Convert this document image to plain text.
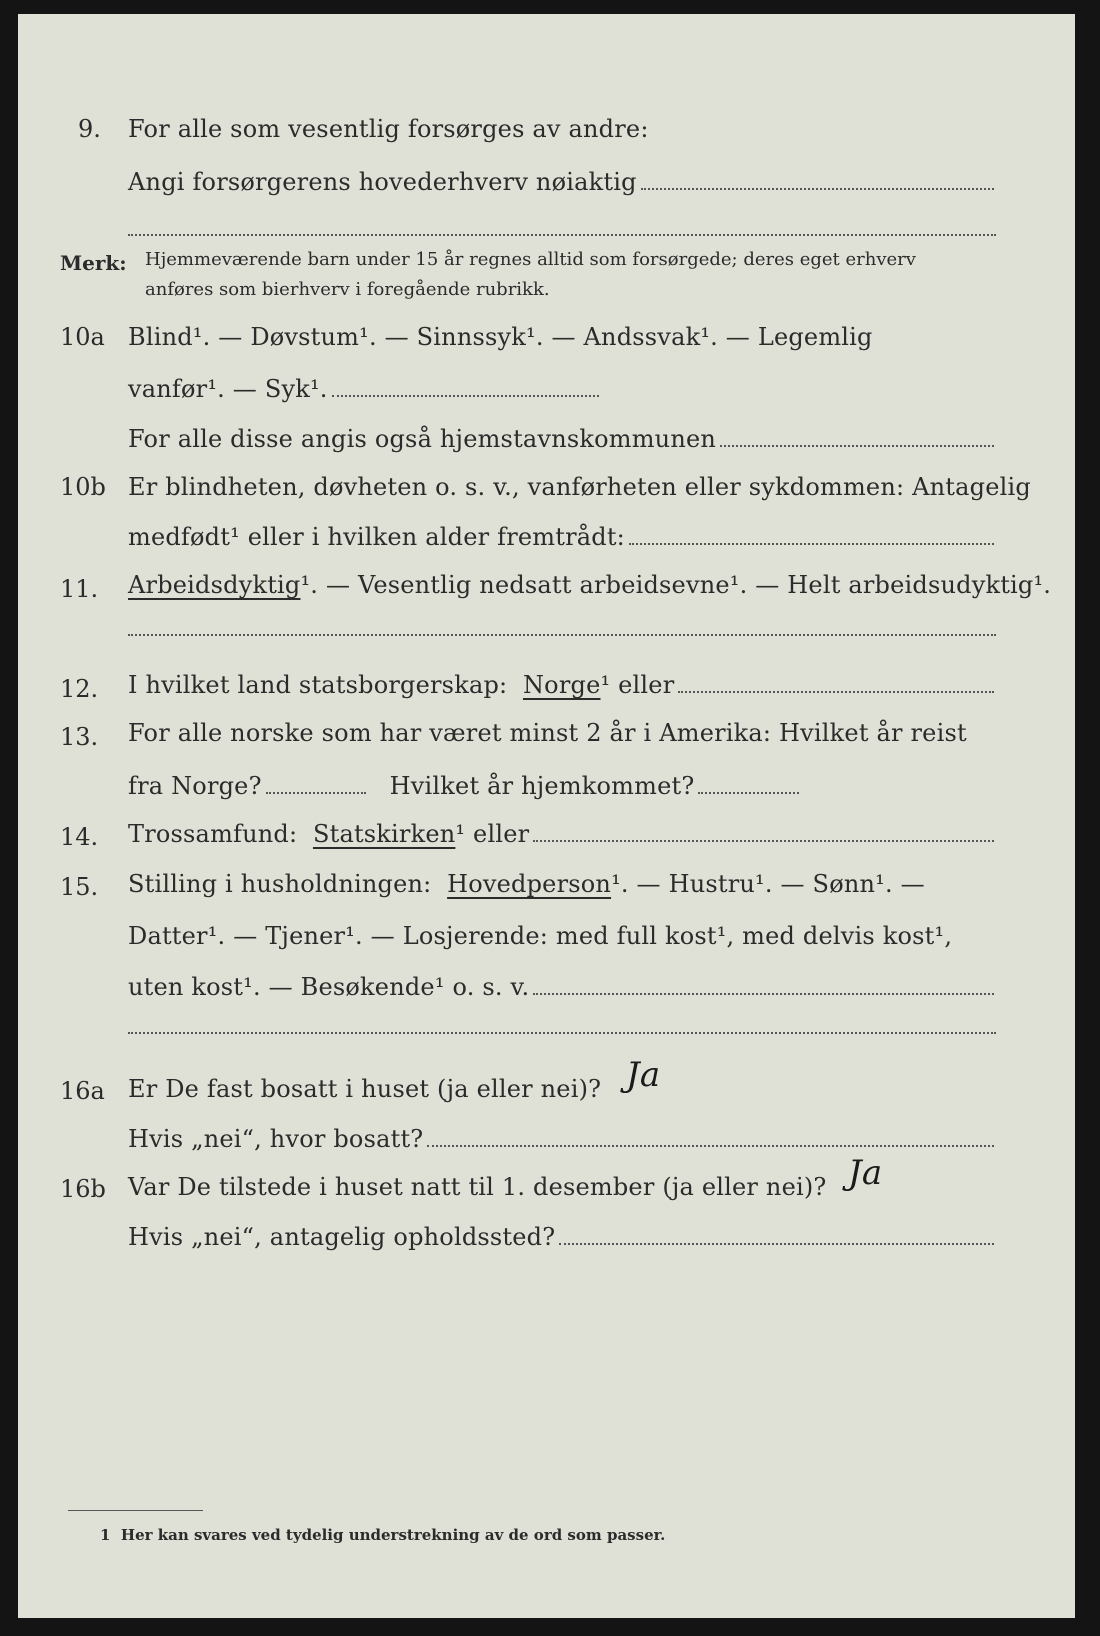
9. For alle som vesentlig forsørges av andre:
Angi forsørgerens hovederhverv nøiaktig
Merk: Hjemmeværende barn under 15 år regnes alltid som forsørgede; deres eget erhverv
anføres som bierhverv i foregående rubrikk.
10a Blind¹. — Døvstum¹. — Sinnssyk¹. — Andssvak¹. — Legemlig
vanfør¹. — Syk¹.
For alle disse angis også hjemstavnskommunen
10b Er blindheten, døvheten o. s. v., vanførheten eller sykdommen: Antagelig
medfødt¹ eller i hvilken alder fremtrådt:
11. Arbeidsdyktig¹. — Vesentlig nedsatt arbeidsevne¹. — Helt arbeidsudyktig¹.
12. I hvilket land statsborgerskap:
Norge ¹ eller
13. For alle norske som har været minst 2 år i Amerika: Hvilket år reist
fra Norge?	Hvilket år hjemkommet?
14. Trossamfund:
Statskirken ¹ eller
15. Stilling i husholdningen: Hovedperson¹. — Hustru¹. — Sønn¹. —
Datter¹. — Tjener¹. — Losjerende: med full kost¹, med delvis kost¹,
uten kost¹. — Besøkende¹ o. s. v.
16a Er De fast bosatt i huset (ja eller nei)? Ja
Hvis „nei“, hvor bosatt?
16b Var De tilstede i huset natt til 1. desember (ja eller nei)? Ja
Hvis „nei“, antagelig opholdssted?
1 Her kan svares ved tydelig understrekning av de ord som passer.
